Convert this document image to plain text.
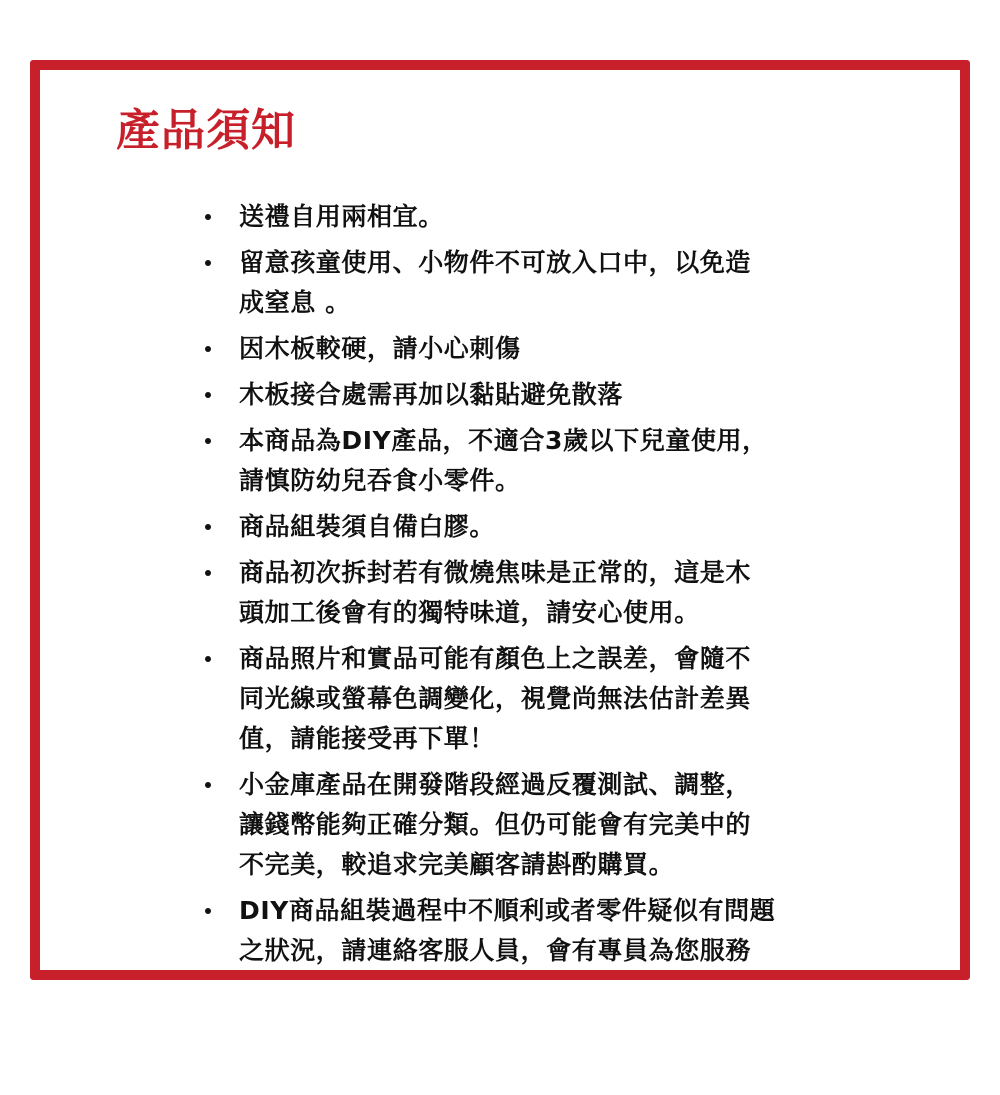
產品須知
送禮自用兩相宜。
留意孩童使用、小物件不可放入口中，以免造
成窒息 。
因木板較硬，請小心刺傷
木板接合處需再加以黏貼避免散落
本商品為DIY產品，不適合3歲以下兒童使用，
請慎防幼兒吞食小零件。
商品組裝須自備白膠。
商品初次拆封若有微燒焦味是正常的，這是木
頭加工後會有的獨特味道，請安心使用。
商品照片和實品可能有顏色上之誤差，會隨不
同光線或螢幕色調變化，視覺尚無法估計差異
值，請能接受再下單！
小金庫產品在開發階段經過反覆測試、調整，
讓錢幣能夠正確分類。但仍可能會有完美中的
不完美，較追求完美顧客請斟酌購買。
DIY商品組裝過程中不順利或者零件疑似有問題
之狀況，請連絡客服人員，會有專員為您服務
